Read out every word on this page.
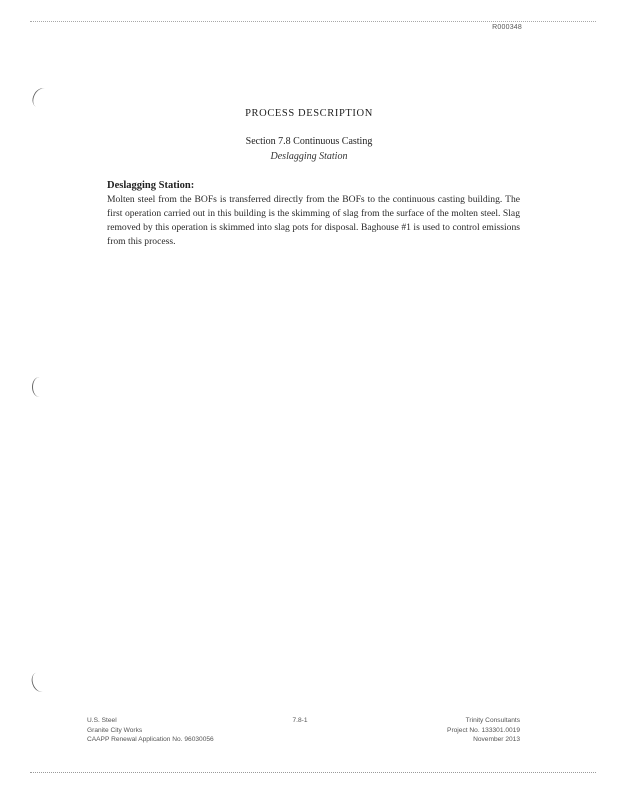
R000348
PROCESS DESCRIPTION
Section 7.8 Continuous Casting
Deslagging Station
Deslagging Station:
Molten steel from the BOFs is transferred directly from the BOFs to the continuous casting building. The first operation carried out in this building is the skimming of slag from the surface of the molten steel. Slag removed by this operation is skimmed into slag pots for disposal. Baghouse #1 is used to control emissions from this process.
U.S. Steel
Granite City Works
CAAPP Renewal Application No. 96030056
7.8-1	Trinity Consultants
Project No. 133301.0019
November 2013
